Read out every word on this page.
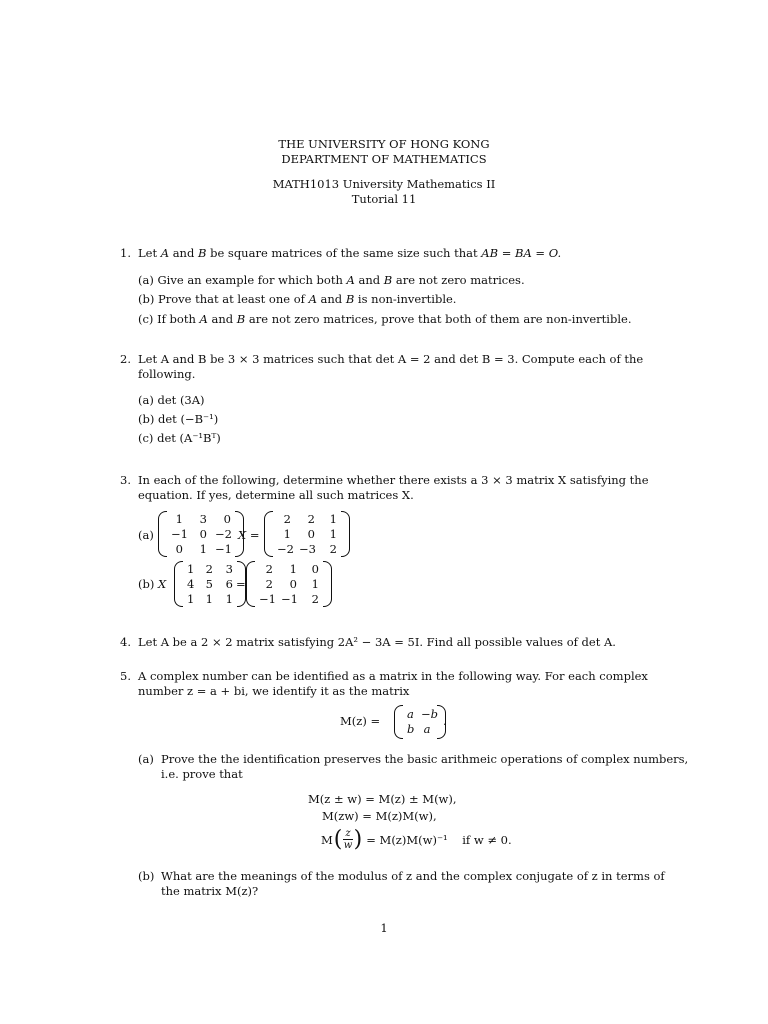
THE UNIVERSITY OF HONG KONG
DEPARTMENT OF MATHEMATICS
MATH1013 University Mathematics II
Tutorial 11
1. Let A and B be square matrices of the same size such that AB = BA = O.
(a) Give an example for which both A and B are not zero matrices.
(b) Prove that at least one of A and B is non-invertible.
(c) If both A and B are not zero matrices, prove that both of them are non-invertible.
2. Let A and B be 3 × 3 matrices such that det A = 2 and det B = 3. Compute each of the
following.
(a) det (3A)
(b) det (−B⁻¹)
(c) det (A⁻¹Bᵀ)
3. In each of the following, determine whether there exists a 3 × 3 matrix X satisfying the
equation. If yes, determine all such matrices X.
(a)
1	3	0
−1	0 −2
0	1 −1
X =
2	2	1
1	0	1
−2 −3	2
(b) X
1 2	3
4 5	6
1 1	1
=
2	1	0
2	0	1
−1 −1	2
4. Let A be a 2 × 2 matrix satisfying 2A² − 3A = 5I. Find all possible values of det A.
5. A complex number can be identified as a matrix in the following way. For each complex
number z = a + bi, we identify it as the matrix
M(z) =	a −b
b a
.
(a) Prove the the identification preserves the basic arithmeic operations of complex numbers,
i.e. prove that
M(z ± w) = M(z) ± M(w),
M(zw) = M(z)M(w),
M ( $\frac{z}{w}$ ) = M(z)M(w)⁻¹    if w ≠ 0.
(b) What are the meanings of the modulus of z and the complex conjugate of z in terms of
the matrix M(z)?
1
